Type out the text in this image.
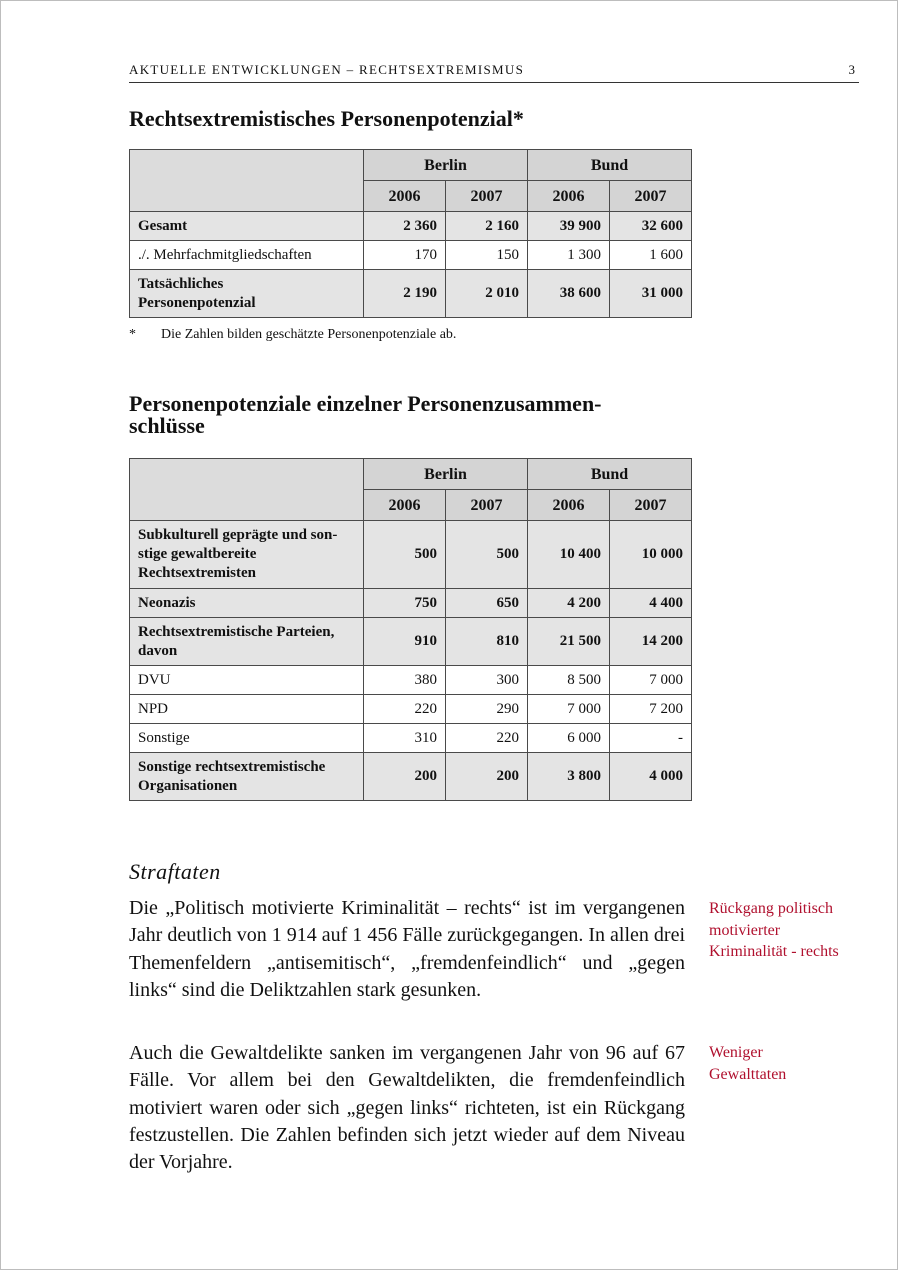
AKTUELLE ENTWICKLUNGEN – RECHTSEXTREMISMUS	3
Rechtsextremistisches Personenpotenzial*
	Berlin		Bund	
	2006	2007	2006	2007
Gesamt	2 360	2 160	39 900	32 600
./. Mehrfachmitgliedschaften	170	150	1 300	1 600

Tatsächliches
Personenpotenzial	2 190	2 010	38 600	31 000
* Die Zahlen bilden geschätzte Personenpotenziale ab.
Personenpotenziale einzelner Personenzusammen-
schlüsse
	Berlin		Bund	
	2006	2007	2006	2007

Subkulturell geprägte und son-
stige gewaltbereite
Rechtsextremisten	500	500	10 400	10 000
Neonazis	750	650	4 200	4 400

Rechtsextremistische Parteien,
davon	910	810	21 500	14 200
DVU	380	300	8 500	7 000
NPD	220	290	7 000	7 200
Sonstige	310	220	6 000	-

Sonstige rechtsextremistische
Organisationen	200	200	3 800	4 000
Straftaten

Die „Politisch motivierte Kriminalität – rechts“ ist im vergangenen Jahr deutlich von 1 914 auf 1 456 Fälle zurückgegangen. In allen drei Themenfeldern „antisemitisch“, „fremdenfeindlich“ und „gegen links“ sind die Deliktzahlen stark gesunken.

Auch die Gewaltdelikte sanken im vergangenen Jahr von 96 auf 67 Fälle. Vor allem bei den Gewaltdelikten, die fremdenfeindlich motiviert waren oder sich „gegen links“ richteten, ist ein Rückgang festzustellen. Die Zahlen befinden sich jetzt wieder auf dem Niveau der Vorjahre.

Rückgang politisch
motivierter
Kriminalität - rechts
Weniger
Gewalttaten
